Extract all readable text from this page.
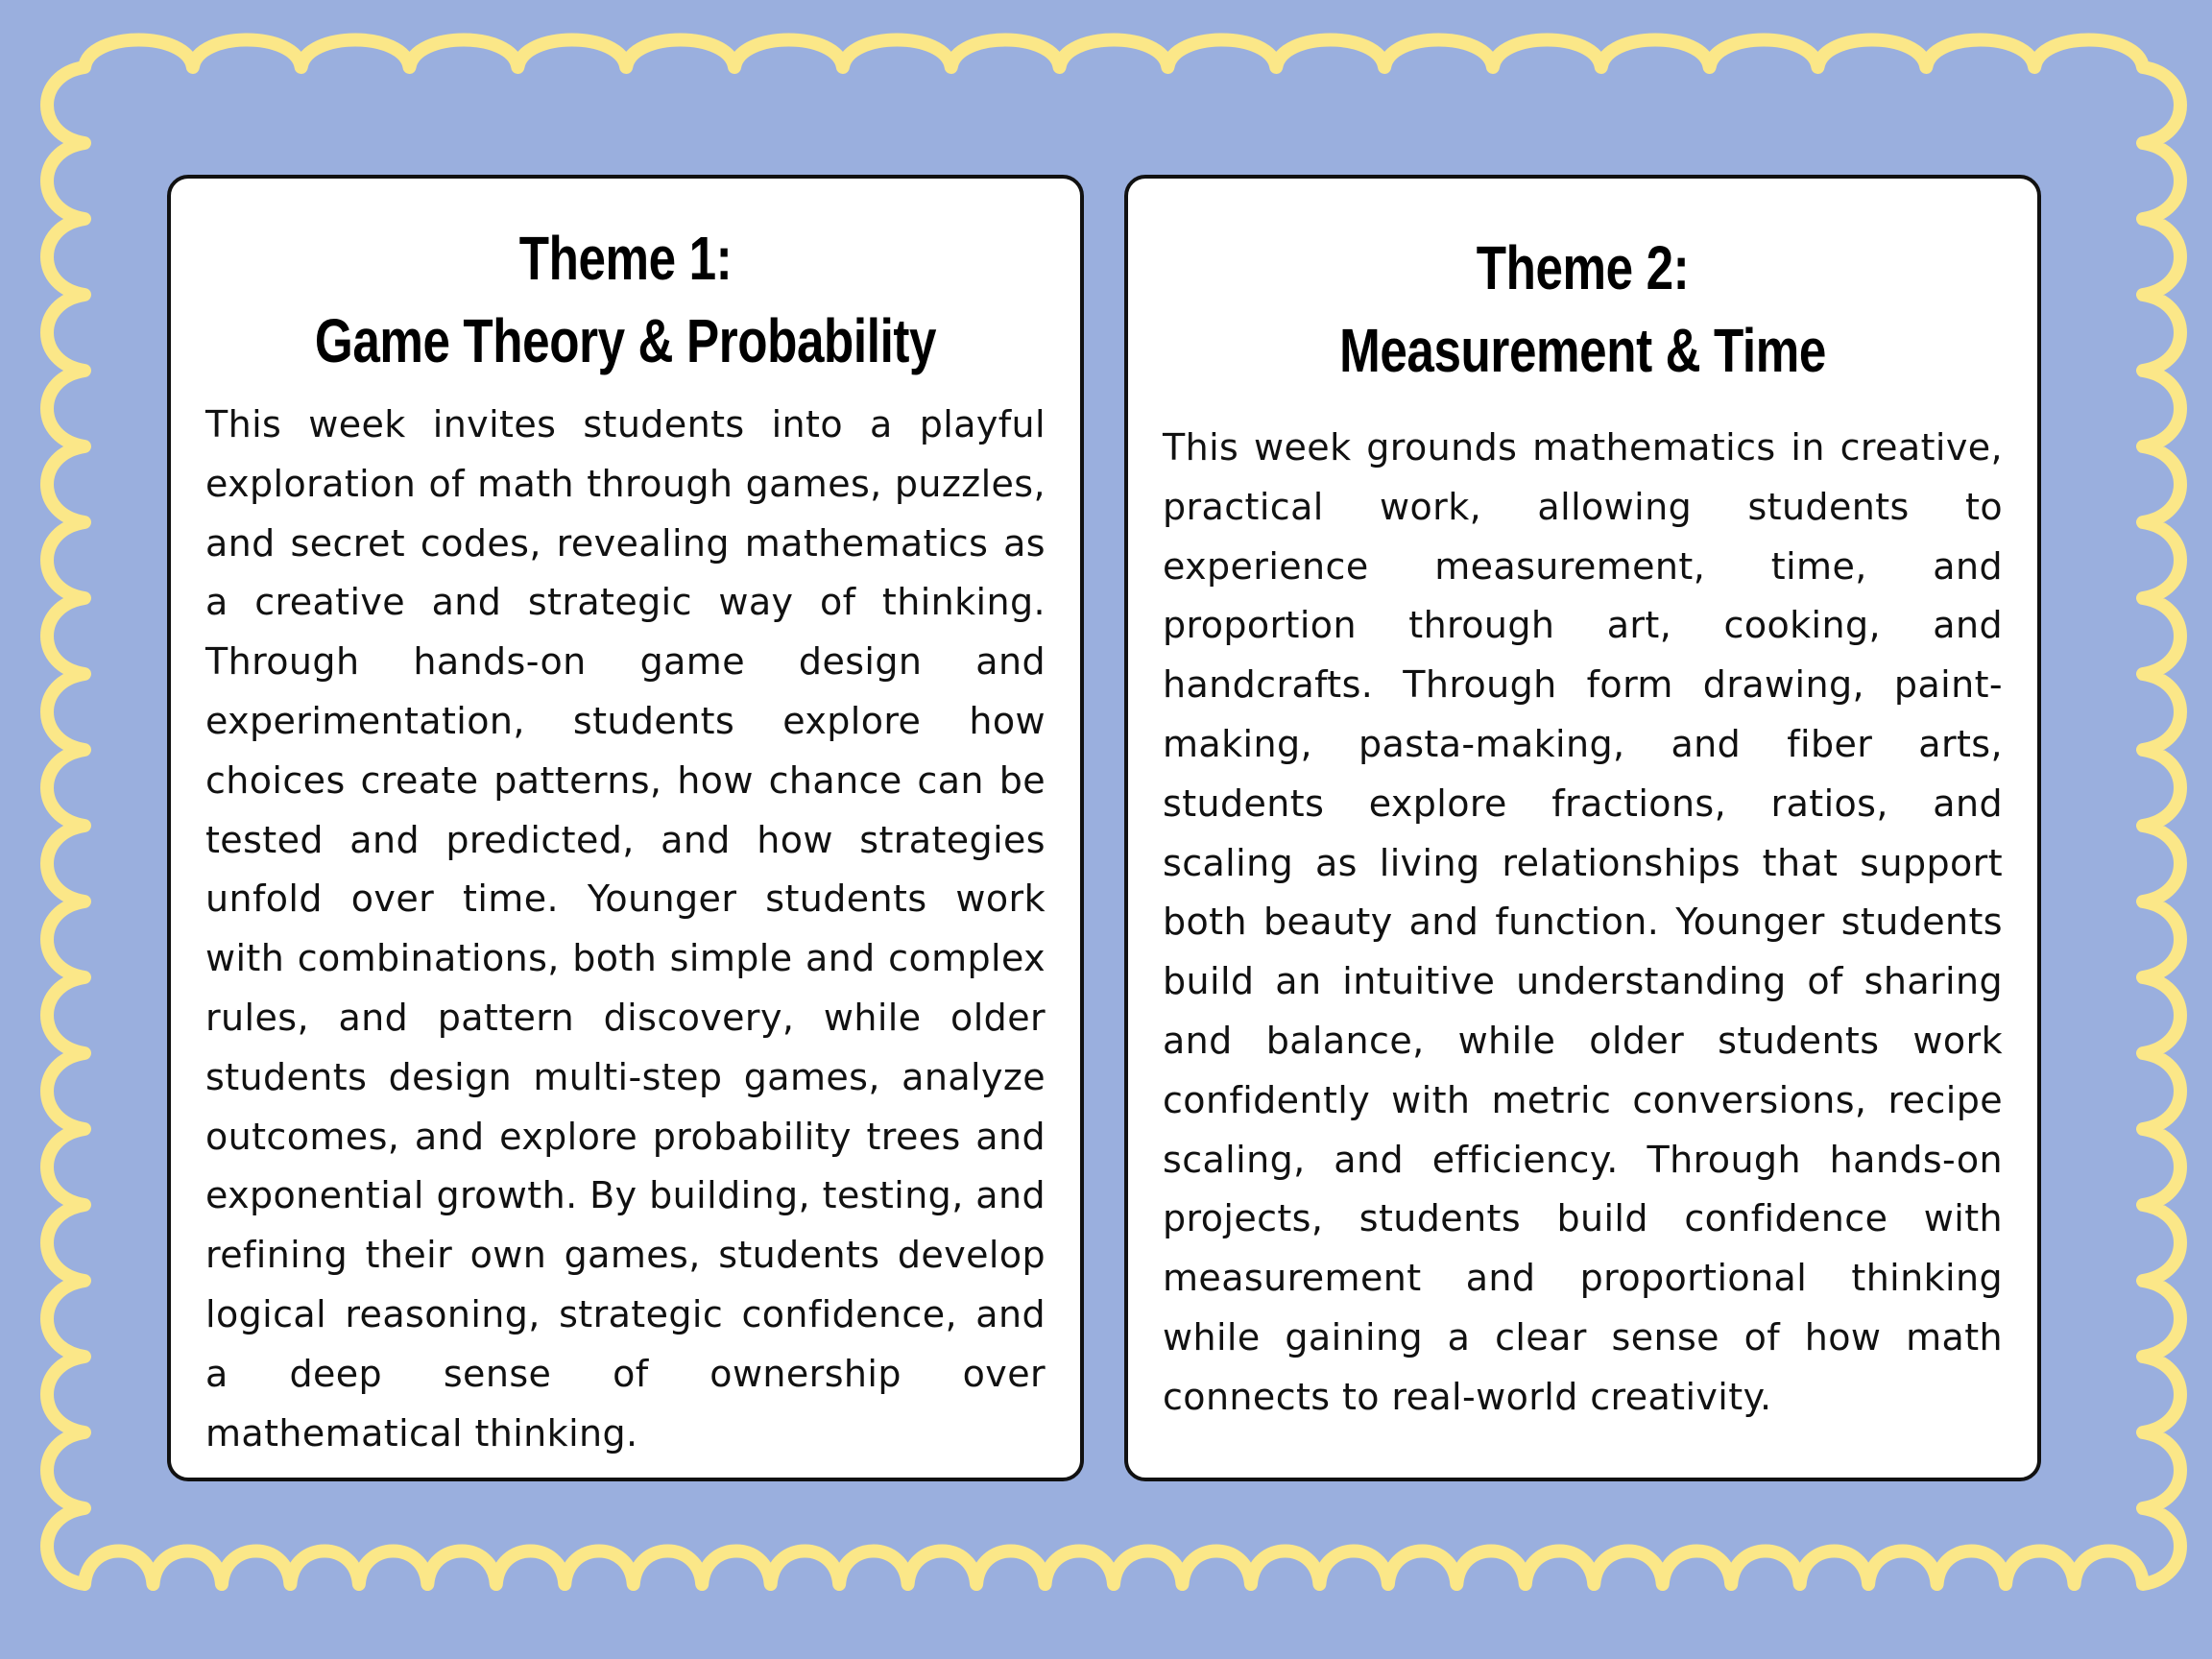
Theme 1:
Game Theory & Probability

This week invites students into a playful exploration of math through games, puzzles, and secret codes, revealing mathematics as a creative and strategic way of thinking. Through hands-on game design and experimentation, students explore how choices create patterns, how chance can be tested and predicted, and how strategies unfold over time. Younger students work with combinations, both simple and complex rules, and pattern discovery, while older students design multi-step games, analyze outcomes, and explore probability trees and exponential growth. By building, testing, and refining their own games, students develop logical reasoning, strategic confidence, and a deep sense of ownership over mathematical thinking.

Theme 2:
Measurement & Time

This week grounds mathematics in creative, practical work, allowing students to experience measurement, time, and proportion through art, cooking, and handcrafts. Through form drawing, paint-making, pasta-making, and fiber arts, students explore fractions, ratios, and scaling as living relationships that support both beauty and function. Younger students build an intuitive understanding of sharing and balance, while older students work confidently with metric conversions, recipe scaling, and efficiency. Through hands-on projects, students build confidence with measurement and proportional thinking while gaining a clear sense of how math connects to real-world creativity.
